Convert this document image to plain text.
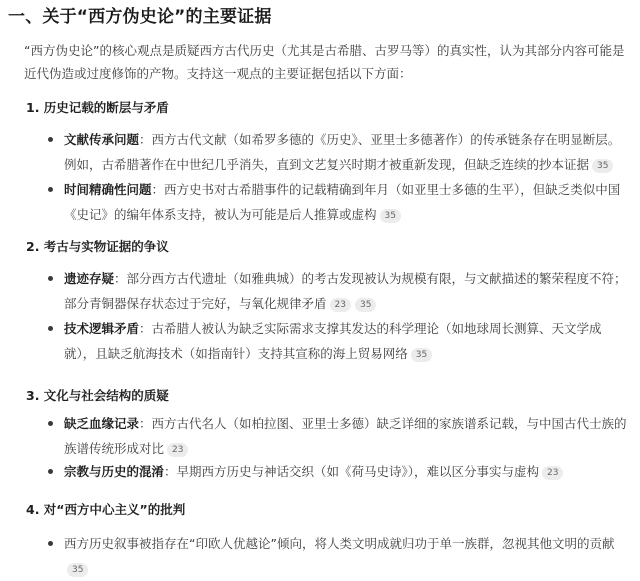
一、关于“西方伪史论”的主要证据
“西方伪史论”的核心观点是质疑西方古代历史（尤其是古希腊、古罗马等）的真实性，认为其部分内容可能是近代伪造或过度修饰的产物。支持这一观点的主要证据包括以下方面：
1. 历史记载的断层与矛盾
文献传承问题：西方古代文献（如希罗多德的《历史》、亚里士多德著作）的传承链条存在明显断层。例如，古希腊著作在中世纪几乎消失，直到文艺复兴时期才被重新发现，但缺乏连续的抄本证据 35
时间精确性问题：西方史书对古希腊事件的记载精确到年月（如亚里士多德的生平），但缺乏类似中国《史记》的编年体系支持，被认为可能是后人推算或虚构 35
2. 考古与实物证据的争议
遗迹存疑：部分西方古代遗址（如雅典城）的考古发现被认为规模有限，与文献描述的繁荣程度不符；部分青铜器保存状态过于完好，与氧化规律矛盾 23 35
技术逻辑矛盾：古希腊人被认为缺乏实际需求支撑其发达的科学理论（如地球周长测算、天文学成就），且缺乏航海技术（如指南针）支持其宣称的海上贸易网络 35
3. 文化与社会结构的质疑
缺乏血缘记录：西方古代名人（如柏拉图、亚里士多德）缺乏详细的家族谱系记载，与中国古代士族的族谱传统形成对比 23
宗教与历史的混淆：早期西方历史与神话交织（如《荷马史诗》），难以区分事实与虚构 23
4. 对“西方中心主义”的批判
西方历史叙事被指存在“印欧人优越论”倾向，将人类文明成就归功于单一族群，忽视其他文明的贡献35
